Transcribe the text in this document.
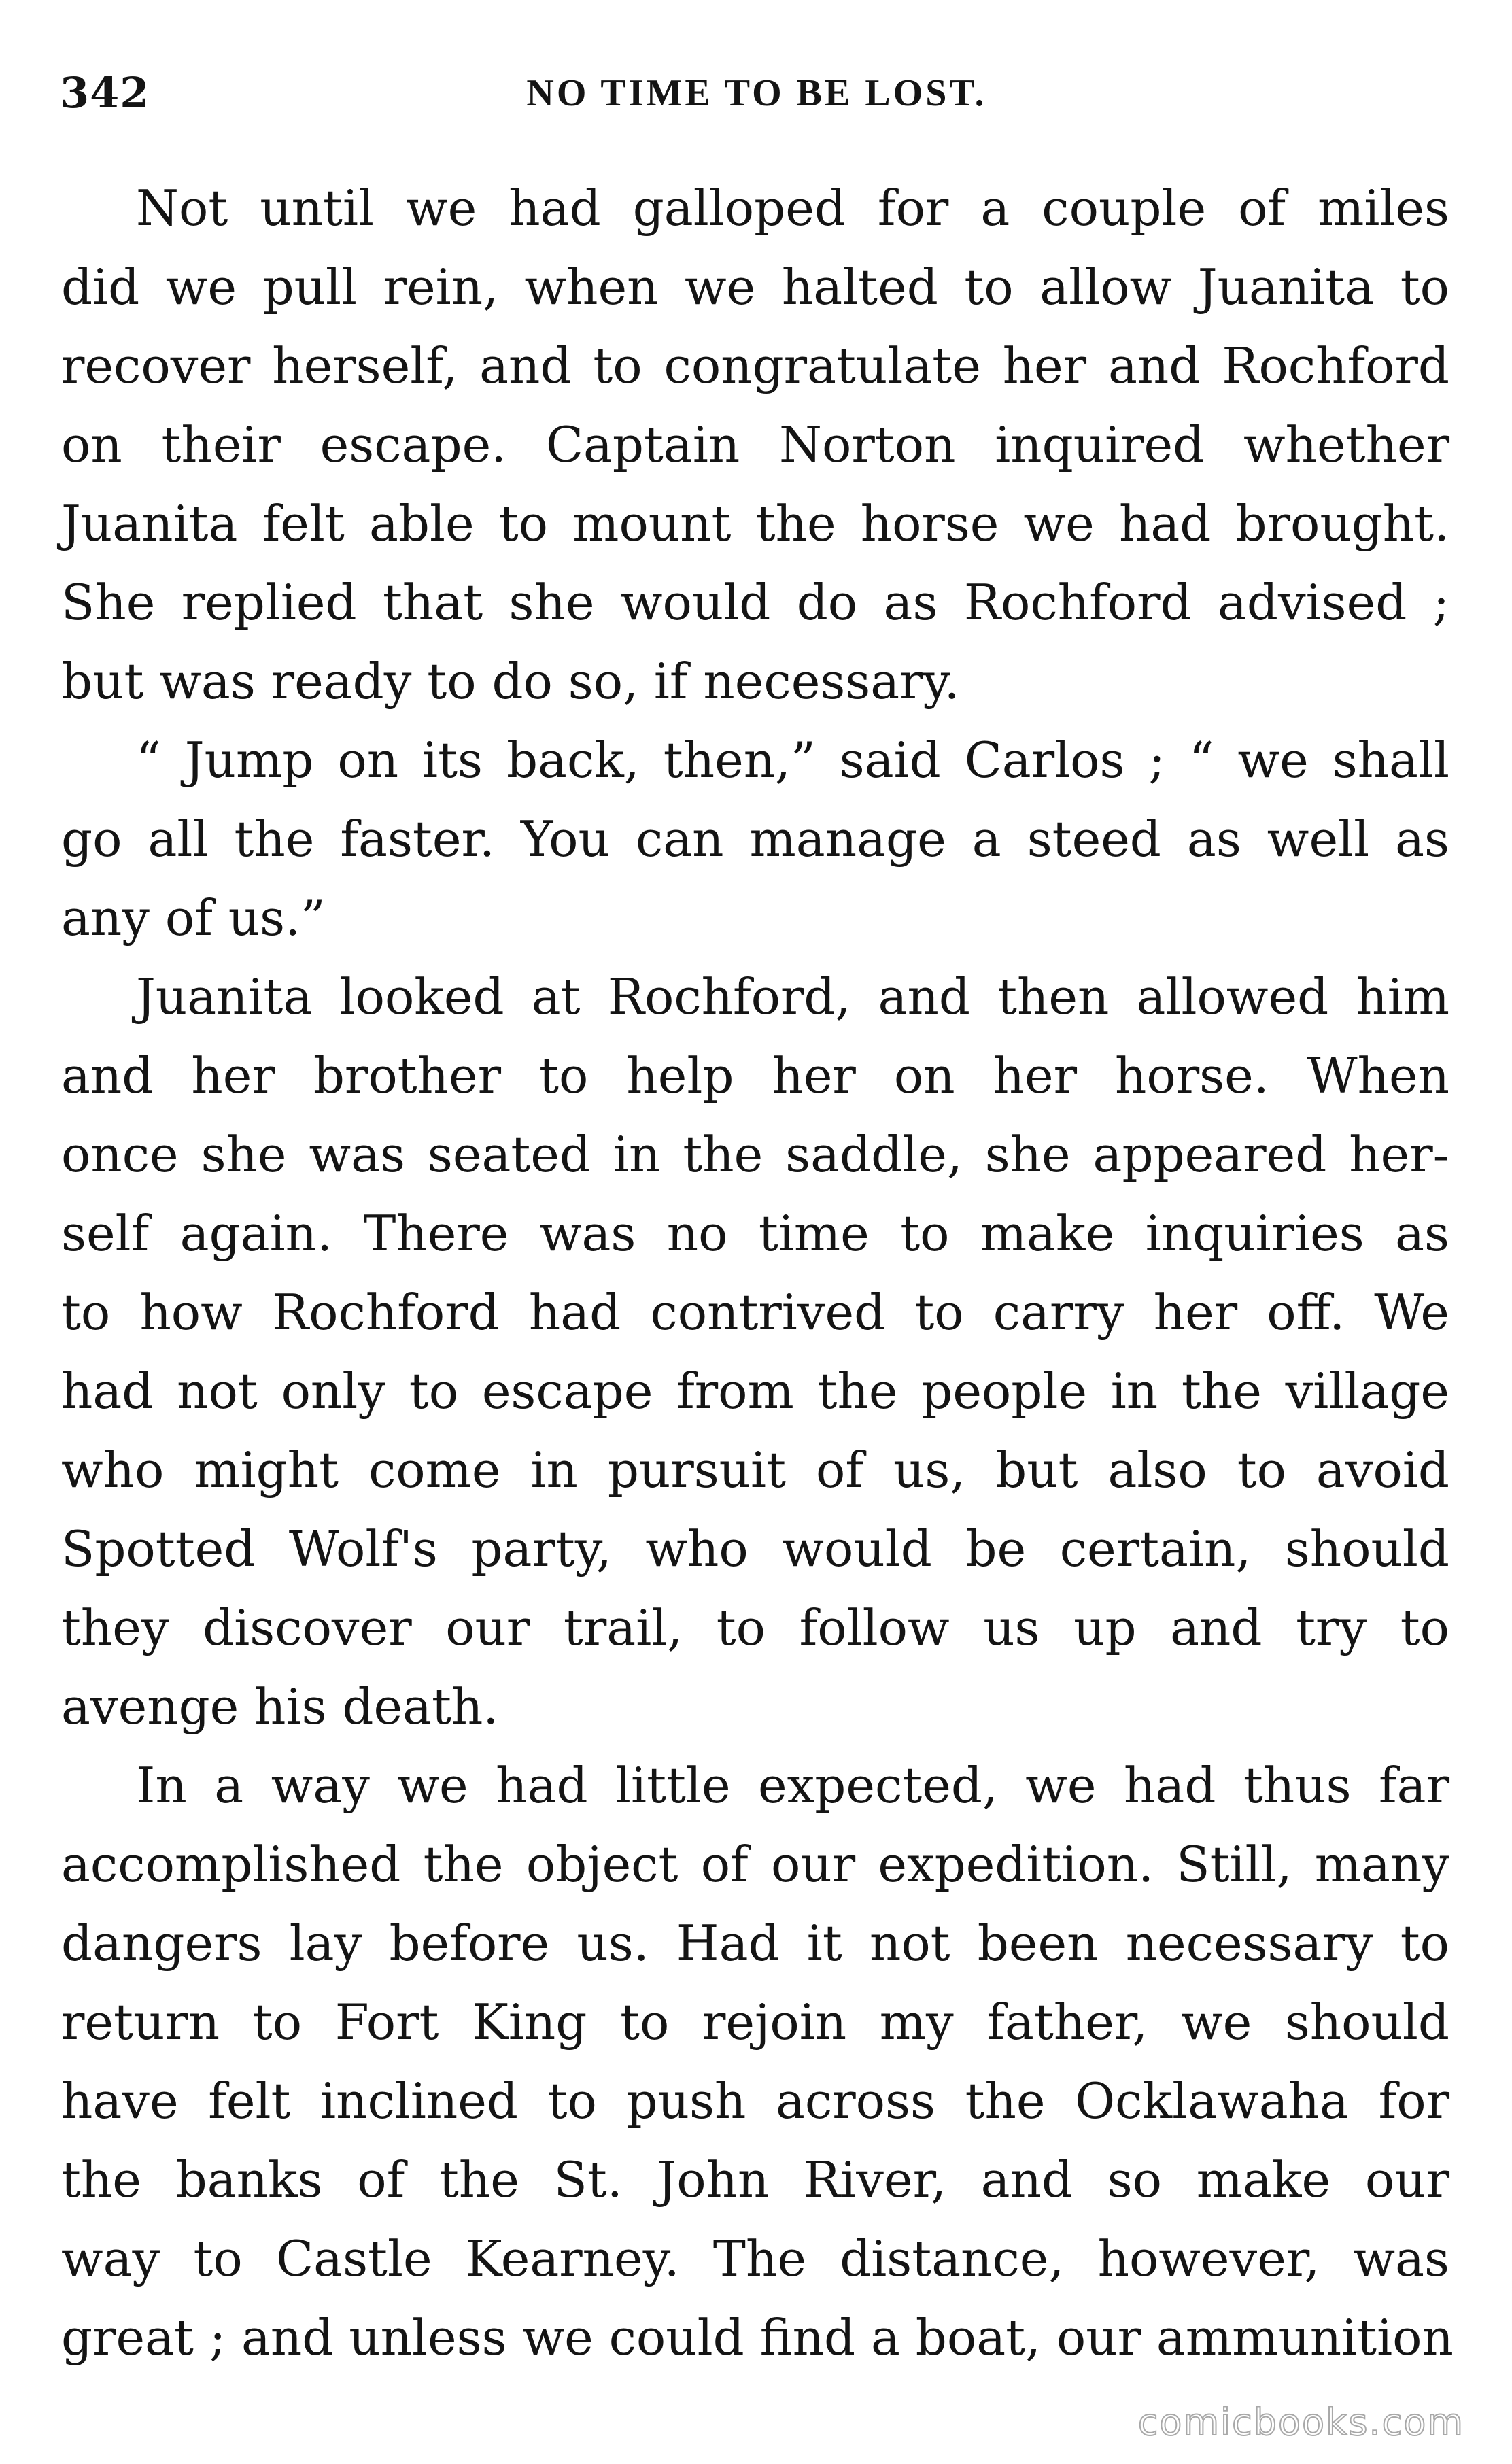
342	NO TIME TO BE LOST.
Not until we had galloped for a couple of miles
did we pull rein, when we halted to allow Juanita to
recover herself, and to congratulate her and Rochford
on their escape. Captain Norton inquired whether
Juanita felt able to mount the horse we had brought.
She replied that she would do as Rochford advised ;
but was ready to do so, if necessary.
“ Jump on its back, then,” said Carlos ; “ we shall
go all the faster. You can manage a steed as well as
any of us.”
Juanita looked at Rochford, and then allowed him
and her brother to help her on her horse. When
once she was seated in the saddle, she appeared her-
self again. There was no time to make inquiries as
to how Rochford had contrived to carry her off. We
had not only to escape from the people in the village
who might come in pursuit of us, but also to avoid
Spotted Wolf's party, who would be certain, should
they discover our trail, to follow us up and try to
avenge his death.
In a way we had little expected, we had thus far
accomplished the object of our expedition. Still, many
dangers lay before us. Had it not been necessary to
return to Fort King to rejoin my father, we should
have felt inclined to push across the Ocklawaha for
the banks of the St. John River, and so make our
way to Castle Kearney. The distance, however, was
great ; and unless we could find a boat, our ammunition
comicbooks.com
